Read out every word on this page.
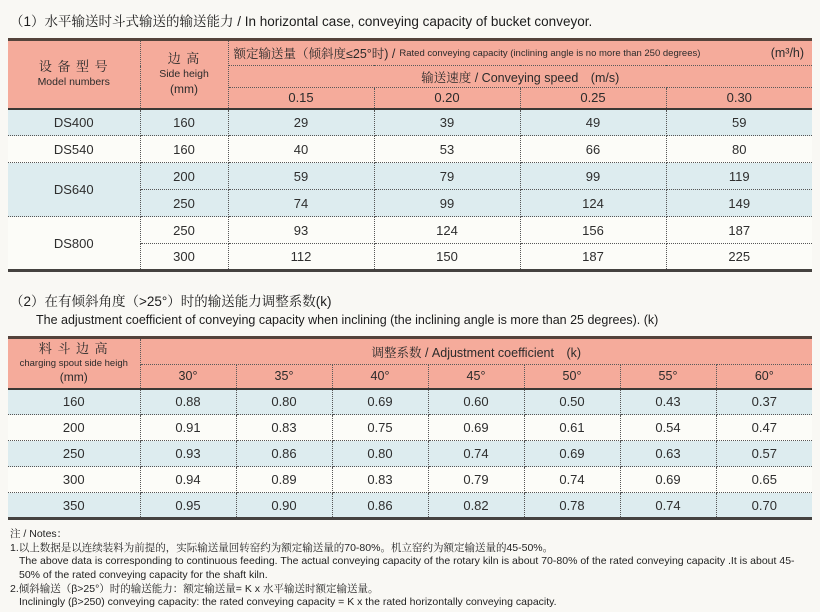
（1）水平输送时斗式输送的输送能力 / In horizontal case, conveying capacity of bucket conveyor.
设 备 型 号
Model numbers	边 高
Side heigh
(mm)	额定输送量（倾斜度≤25°时) / Rated conveying capacity (inclining angle is no more than 250 degrees) (m³/h)			

		输送速度 / Conveying speed　(m/s)			
		0.15	0.20	0.25	0.30
DS400	160	29	39	49	59
DS540	160	40	53	66	80
DS640	200	59	79	99	119
	250	74	99	124	149
DS800	250	93	124	156	187
	300	112	150	187	225
（2）在有倾斜角度（>25°）时的输送能力调整系数(k)
The adjustment coefficient of conveying capacity when inclining (the inclining angle is more than 25 degrees). (k)
料 斗 边 高
charging spout side heigh
(mm)	调整系数 / Adjustment coefficient　(k)						
	30°	35°	40°	45°	50°	55°	60°
160	0.88	0.80	0.69	0.60	0.50	0.43	0.37
200	0.91	0.83	0.75	0.69	0.61	0.54	0.47
250	0.93	0.86	0.80	0.74	0.69	0.63	0.57
300	0.94	0.89	0.83	0.79	0.74	0.69	0.65
350	0.95	0.90	0.86	0.82	0.78	0.74	0.70
注 / Notes：
1.以上数据是以连续装料为前提的，实际输送量回转窑约为额定输送量的70-80%。机立窑约为额定输送量的45-50%。
The above data is corresponding to continuous feeding. The actual conveying capacity of the rotary kiln is about 70-80% of the rated conveying capacity .It is about 45-50% of the rated conveying capacity for the shaft kiln.
2.倾斜输送（β>25°）时的输送能力：额定输送量= K x 水平输送时额定输送量。
Incliningly (β>250) conveying capacity: the rated conveying capacity = K x the rated horizontally conveying capacity.
